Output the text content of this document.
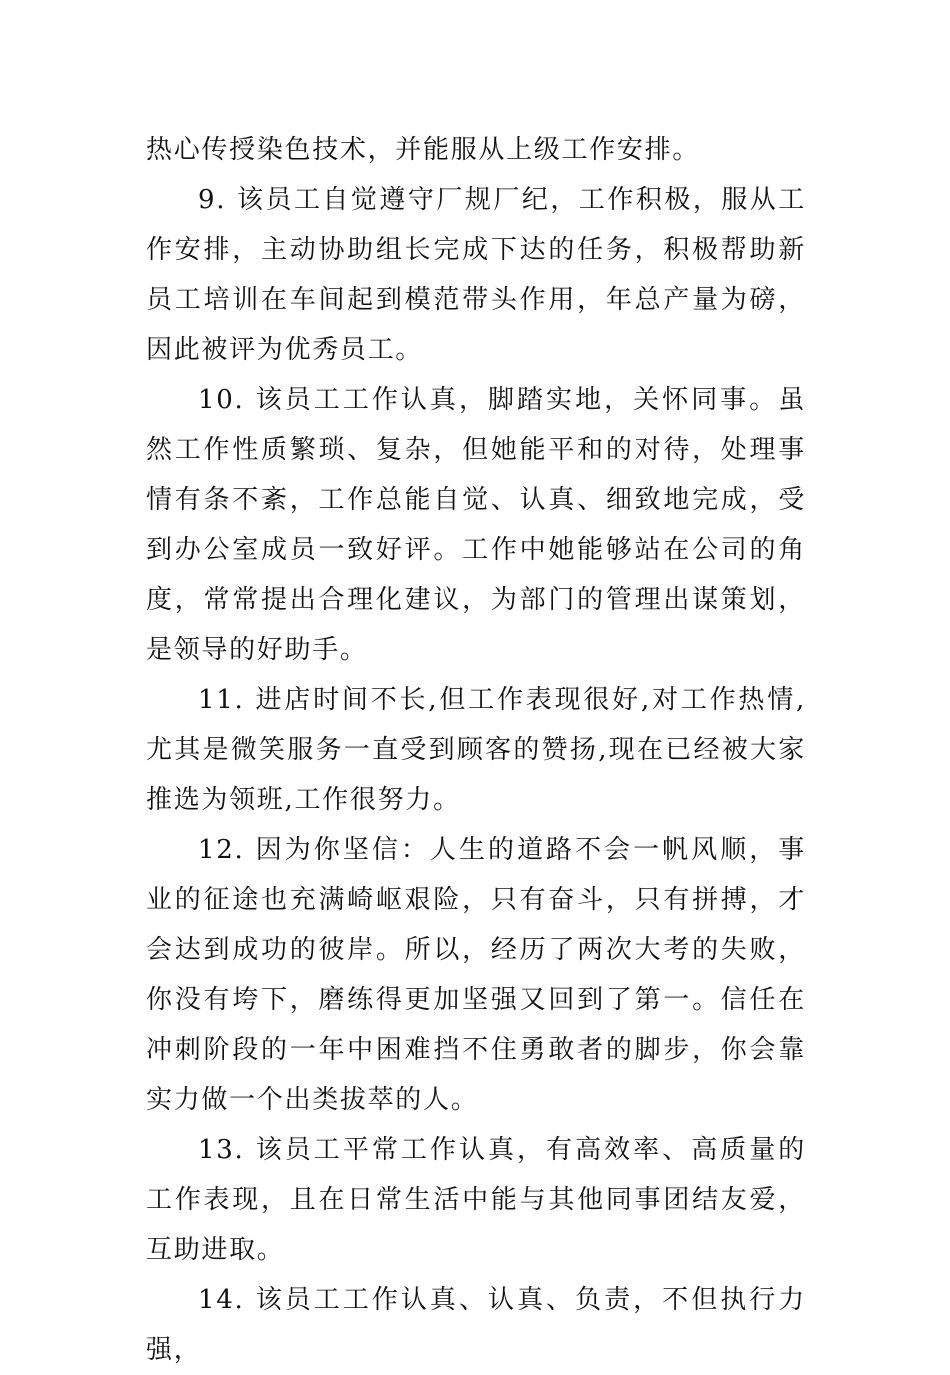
热心传授染色技术，并能服从上级工作安排。

9. 该员工自觉遵守厂规厂纪，工作积极，服从工作安排，主动协助组长完成下达的任务，积极帮助新员工培训在车间起到模范带头作用，年总产量为磅，因此被评为优秀员工。

10. 该员工工作认真，脚踏实地，关怀同事。虽然工作性质繁琐、复杂，但她能平和的对待，处理事情有条不紊，工作总能自觉、认真、细致地完成，受到办公室成员一致好评。工作中她能够站在公司的角度，常常提出合理化建议，为部门的管理出谋策划，是领导的好助手。

11. 进店时间不长,但工作表现很好,对工作热情,尤其是微笑服务一直受到顾客的赞扬,现在已经被大家推选为领班,工作很努力。

12. 因为你坚信：人生的道路不会一帆风顺，事业的征途也充满崎岖艰险，只有奋斗，只有拼搏，才会达到成功的彼岸。所以，经历了两次大考的失败，你没有垮下，磨练得更加坚强又回到了第一。信任在冲刺阶段的一年中困难挡不住勇敢者的脚步，你会靠实力做一个出类拔萃的人。

13. 该员工平常工作认真，有高效率、高质量的工作表现，且在日常生活中能与其他同事团结友爱，互助进取。

14. 该员工工作认真、认真、负责，不但执行力强，
